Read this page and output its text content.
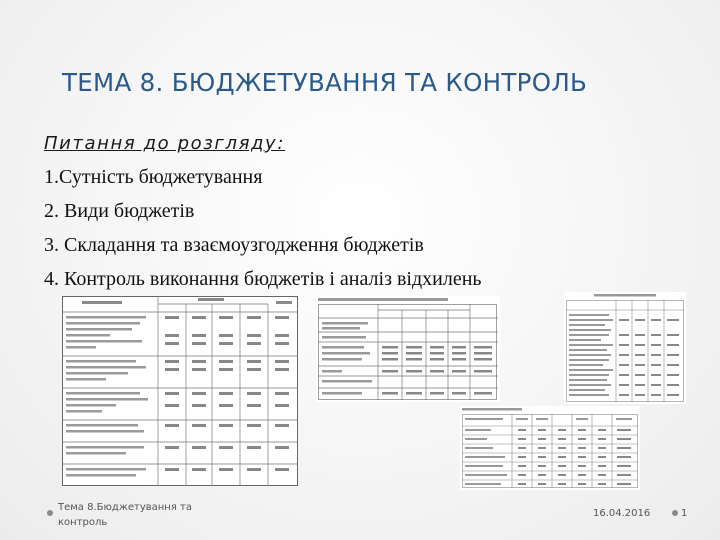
ТЕМА 8. БЮДЖЕТУВАННЯ ТА КОНТРОЛЬ
Питання до розгляду:
1.Сутність бюджетування
2. Види бюджетів
3. Складання та взаємоузгодження бюджетів
4. Контроль виконання бюджетів і аналіз відхилень
Тема 8.Бюджетування та
контроль
16.04.2016	1
